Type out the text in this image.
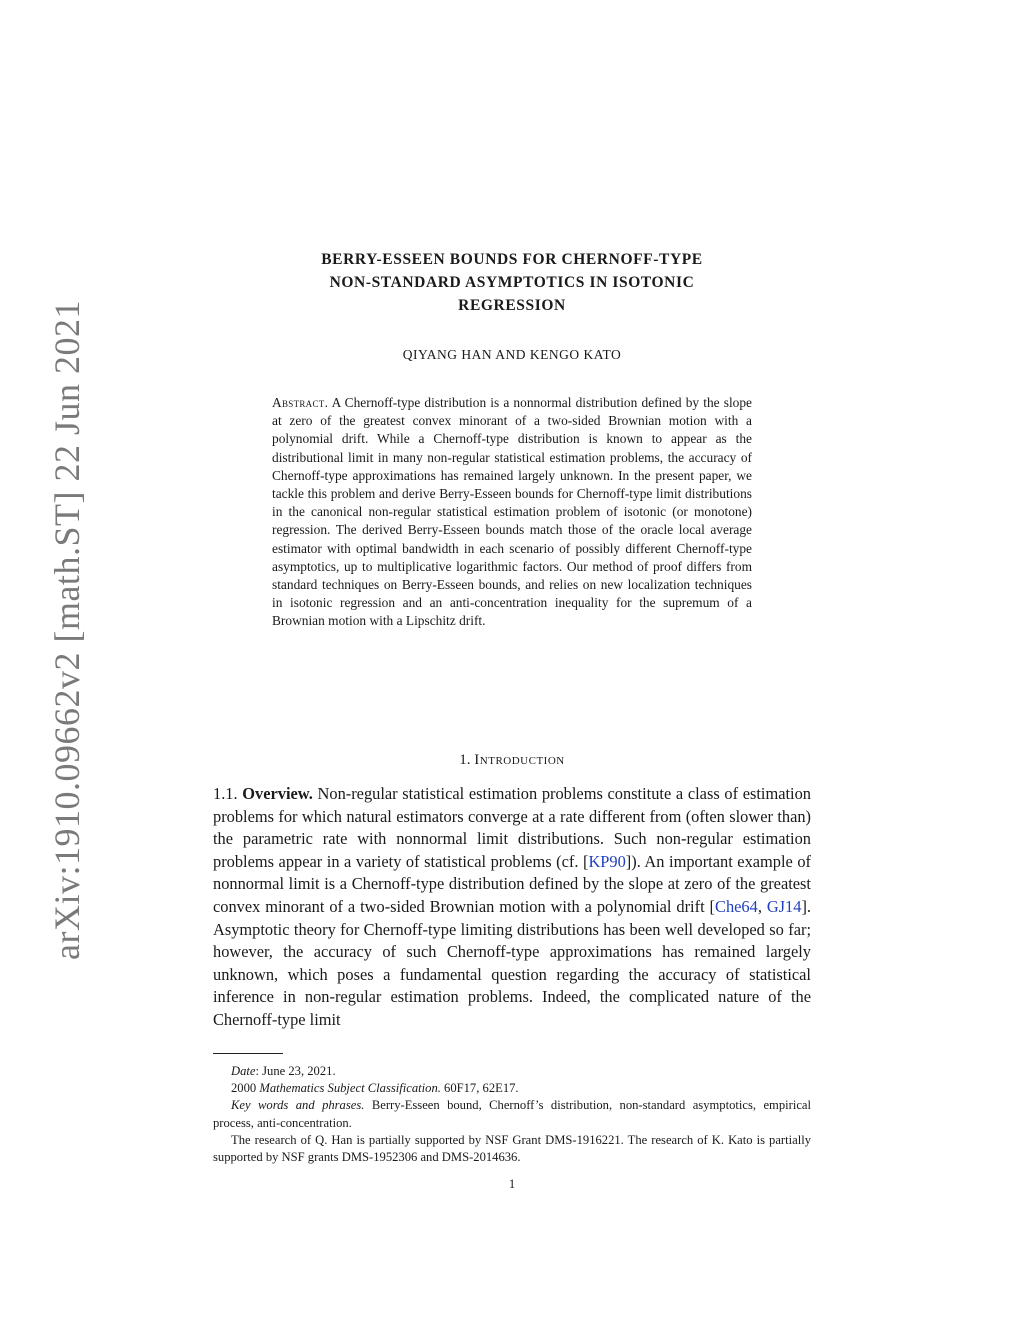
arXiv:1910.09662v2 [math.ST] 22 Jun 2021
BERRY-ESSEEN BOUNDS FOR CHERNOFF-TYPE
NON-STANDARD ASYMPTOTICS IN ISOTONIC
REGRESSION
QIYANG HAN AND KENGO KATO
Abstract. A Chernoff-type distribution is a nonnormal distribution defined by the slope at zero of the greatest convex minorant of a two-sided Brownian motion with a polynomial drift. While a Chernoff-type distribution is known to appear as the distributional limit in many non-regular statistical estimation problems, the accuracy of Chernoff-type approximations has remained largely unknown. In the present paper, we tackle this problem and derive Berry-Esseen bounds for Chernoff-type limit distributions in the canonical non-regular statistical estimation problem of isotonic (or monotone) regression. The derived Berry-Esseen bounds match those of the oracle local average estimator with optimal bandwidth in each scenario of possibly different Chernoff-type asymptotics, up to multiplicative logarithmic factors. Our method of proof differs from standard techniques on Berry-Esseen bounds, and relies on new localization techniques in isotonic regression and an anti-concentration inequality for the supremum of a Brownian motion with a Lipschitz drift.
1. Introduction
1.1. Overview. Non-regular statistical estimation problems constitute a class of estimation problems for which natural estimators converge at a rate different from (often slower than) the parametric rate with nonnormal limit distributions. Such non-regular estimation problems appear in a variety of statistical problems (cf. [KP90]). An important example of nonnormal limit is a Chernoff-type distribution defined by the slope at zero of the greatest convex minorant of a two-sided Brownian motion with a polynomial drift [Che64, GJ14]. Asymptotic theory for Chernoff-type limiting distributions has been well developed so far; however, the accuracy of such Chernoff-type approximations has remained largely unknown, which poses a fundamental question regarding the accuracy of statistical inference in non-regular estimation problems. Indeed, the complicated nature of the Chernoff-type limit

Date: June 23, 2021.

2000 Mathematics Subject Classification. 60F17, 62E17.

Key words and phrases. Berry-Esseen bound, Chernoff’s distribution, non-standard asymptotics, empirical process, anti-concentration.

The research of Q. Han is partially supported by NSF Grant DMS-1916221. The research of K. Kato is partially supported by NSF grants DMS-1952306 and DMS-2014636.

1
